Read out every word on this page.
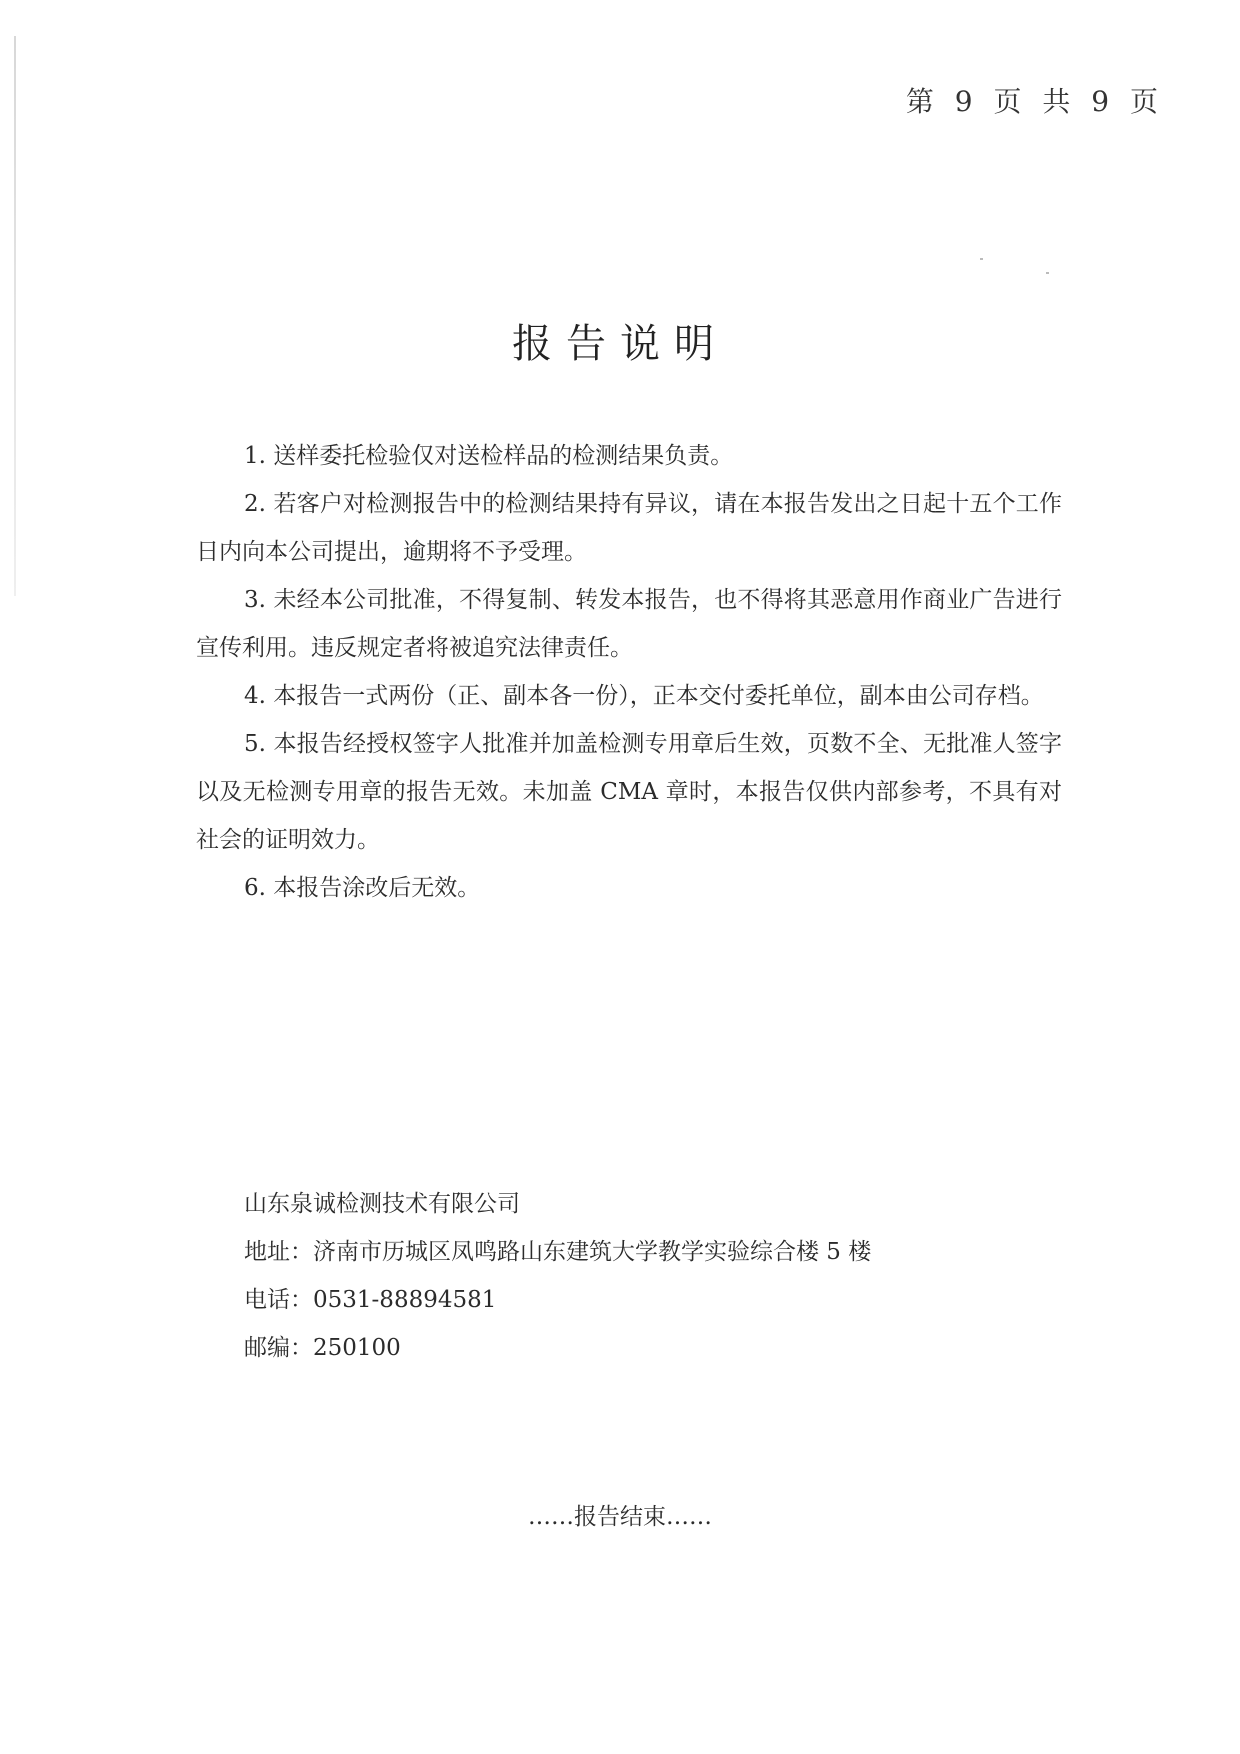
第 9 页 共 9 页
报告说明
1. 送样委托检验仅对送检样品的检测结果负责。
2. 若客户对检测报告中的检测结果持有异议，请在本报告发出之日起十五个工作日内向本公司提出，逾期将不予受理。
3. 未经本公司批准，不得复制、转发本报告，也不得将其恶意用作商业广告进行宣传利用。违反规定者将被追究法律责任。
4. 本报告一式两份（正、副本各一份），正本交付委托单位，副本由公司存档。
5. 本报告经授权签字人批准并加盖检测专用章后生效，页数不全、无批准人签字以及无检测专用章的报告无效。未加盖 CMA 章时，本报告仅供内部参考，不具有对社会的证明效力。
6. 本报告涂改后无效。

山东泉诚检测技术有限公司

地址：济南市历城区凤鸣路山东建筑大学教学实验综合楼 5 楼

电话：0531-88894581

邮编：250100

……报告结束……
